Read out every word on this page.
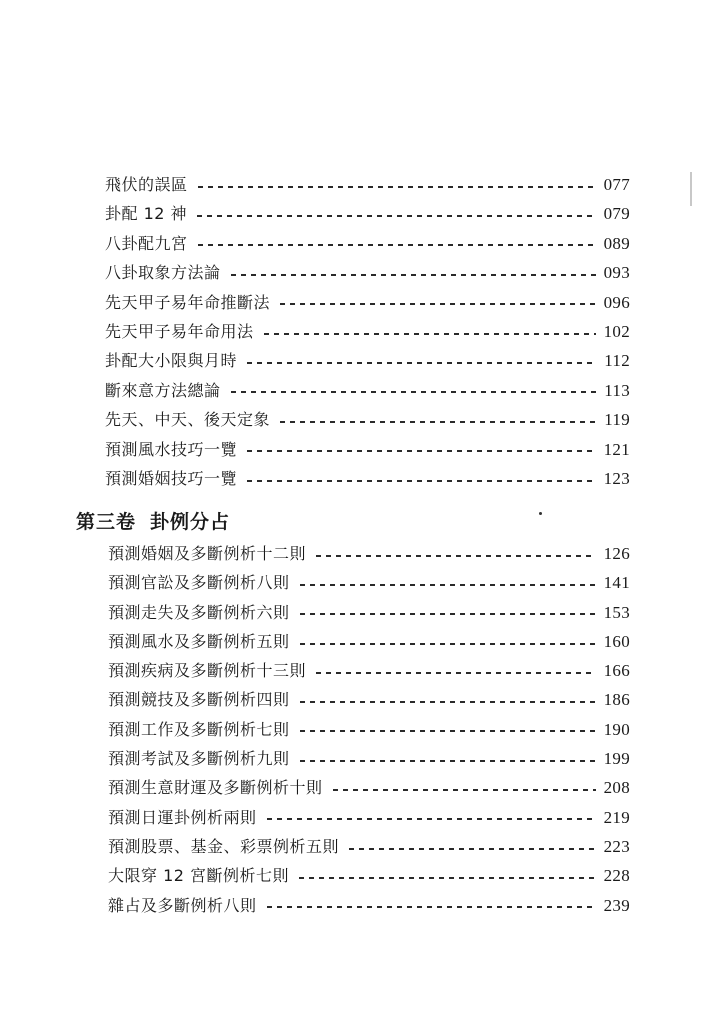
飛伏的誤區	077
卦配 12 神	079
八卦配九宮	089
八卦取象方法論	093
先天甲子易年命推斷法	096
先天甲子易年命用法	102
卦配大小限與月時	112
斷來意方法總論	113
先天、中天、後天定象	119
預測風水技巧一覽	121
預測婚姻技巧一覽	123
第三卷 卦例分占
預測婚姻及多斷例析十二則	126
預測官訟及多斷例析八則	141
預測走失及多斷例析六則	153
預測風水及多斷例析五則	160
預測疾病及多斷例析十三則	166
預測競技及多斷例析四則	186
預測工作及多斷例析七則	190
預測考試及多斷例析九則	199
預測生意財運及多斷例析十則	208
預測日運卦例析兩則	219
預測股票、基金、彩票例析五則	223
大限穿 12 宮斷例析七則	228
雜占及多斷例析八則	239
